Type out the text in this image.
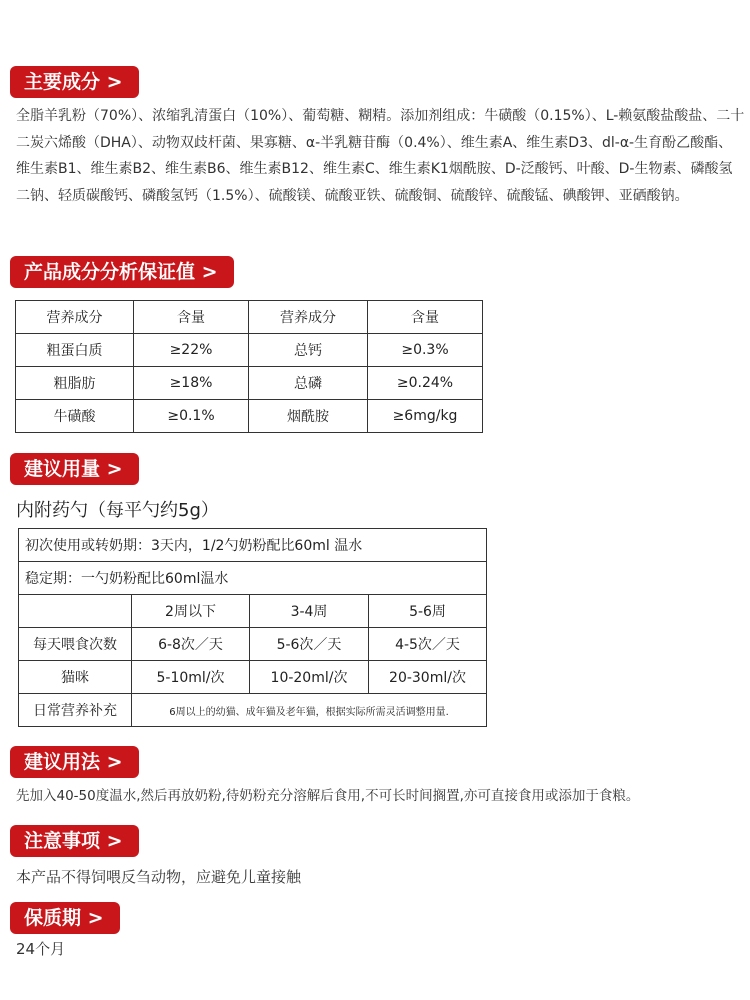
主要成分 >
全脂羊乳粉（70%）、浓缩乳清蛋白（10%）、葡萄糖、糊精。添加剂组成：牛磺酸（0.15%）、L-赖氨酸盐酸盐、二十二炭六烯酸（DHA）、动物双歧杆菌、果寡糖、α-半乳糖苷酶（0.4%）、维生素A、维生素D3、dl-α-生育酚乙酸酯、维生素B1、维生素B2、维生素B6、维生素B12、维生素C、维生素K1烟酰胺、D-泛酸钙、叶酸、D-生物素、磷酸氢二钠、轻质碳酸钙、磷酸氢钙（1.5%）、硫酸镁、硫酸亚铁、硫酸铜、硫酸锌、硫酸锰、碘酸钾、亚硒酸钠。
产品成分分析保证值 >
营养成分	含量	营养成分	含量
粗蛋白质	≥22%	总钙	≥0.3%
粗脂肪	≥18%	总磷	≥0.24%
牛磺酸	≥0.1%	烟酰胺	≥6mg/kg
建议用量 >
内附药勺（每平勺约5g）
初次使用或转奶期：3天内，1/2勺奶粉配比60ml 温水			
稳定期：一勺奶粉配比60ml温水			
	2周以下	3-4周	5-6周
每天喂食次数	6-8次／天	5-6次／天	4-5次／天
猫咪	5-10ml/次	10-20ml/次	20-30ml/次
日常营养补充	6周以上的幼猫、成年猫及老年猫，根据实际所需灵活调整用量.		
建议用法 >
先加入40-50度温水,然后再放奶粉,待奶粉充分溶解后食用,不可长时间搁置,亦可直接食用或添加于食粮。
注意事项 >
本产品不得饲喂反刍动物，应避免儿童接触
保质期 >
24个月
